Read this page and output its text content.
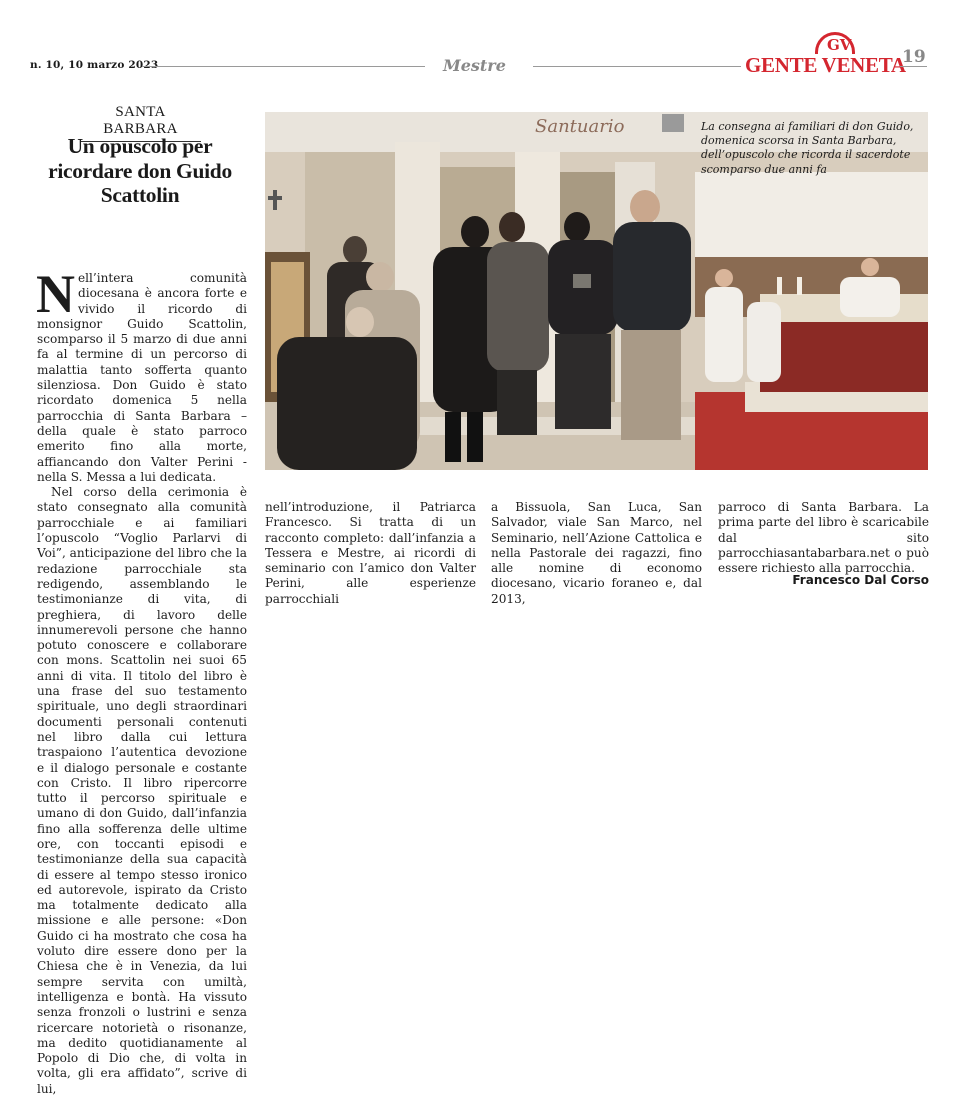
n. 10, 10 marzo 2023	Mestre
GV
GENTE VENETA
19
SANTA BARBARA
Un opuscolo per ricordare don Guido Scattolin
Santuario	La consegna ai familiari di don Guido, domenica scorsa in Santa Barbara, dell’opuscolo che ricorda il sacerdote scomparso due anni fa

Nell’intera comunità diocesana è ancora forte e vivido il ricordo di monsignor Guido Scattolin, scomparso il 5 marzo di due anni fa al termine di un percorso di malattia tanto sofferta quanto silenziosa. Don Guido è stato ricordato domenica 5 nella parrocchia di Santa Barbara – della quale è stato parroco emerito fino alla morte, affiancando don Valter Perini - nella S. Messa a lui dedicata.

Nel corso della cerimonia è stato consegnato alla comunità parrocchiale e ai familiari l’opuscolo “Voglio Parlarvi di Voi”, anticipazione del libro che la redazione parrocchiale sta redigendo, assemblando le testimonianze di vita, di preghiera, di lavoro delle innumerevoli persone che hanno potuto conoscere e collaborare con mons. Scattolin nei suoi 65 anni di vita. Il titolo del libro è una frase del suo testamento spirituale, uno degli straordinari documenti personali contenuti nel libro dalla cui lettura traspaiono l’autentica devozione e il dialogo personale e costante con Cristo. Il libro ripercorre tutto il percorso spirituale e umano di don Guido, dall’infanzia fino alla sofferenza delle ultime ore, con toccanti episodi e testimonianze della sua capacità di essere al tempo stesso ironico ed autorevole, ispirato da Cristo ma totalmente dedicato alla missione e alle persone: «Don Guido ci ha mostrato che cosa ha voluto dire essere dono per la Chiesa che è in Venezia, da lui sempre servita con umiltà, intelligenza e bontà. Ha vissuto senza fronzoli o lustrini e senza ricercare notorietà o risonanze, ma dedito quotidianamente al Popolo di Dio che, di volta in volta, gli era affidato”, scrive di lui,

nell’introduzione, il Patriarca Francesco. Si tratta di un racconto completo: dall’infanzia a Tessera e Mestre, ai ricordi di seminario con l’amico don Valter Perini, alle esperienze parrocchiali

a Bissuola, San Luca, San Salvador, viale San Marco, nel Seminario, nell’Azione Cattolica e nella Pastorale dei ragazzi, fino alle nomine di economo diocesano, vicario foraneo e, dal 2013,

parroco di Santa Barbara. La prima parte del libro è scaricabile dal sito parrocchiasantabarbara.net o può essere richiesto alla parrocchia.

Francesco Dal Corso
